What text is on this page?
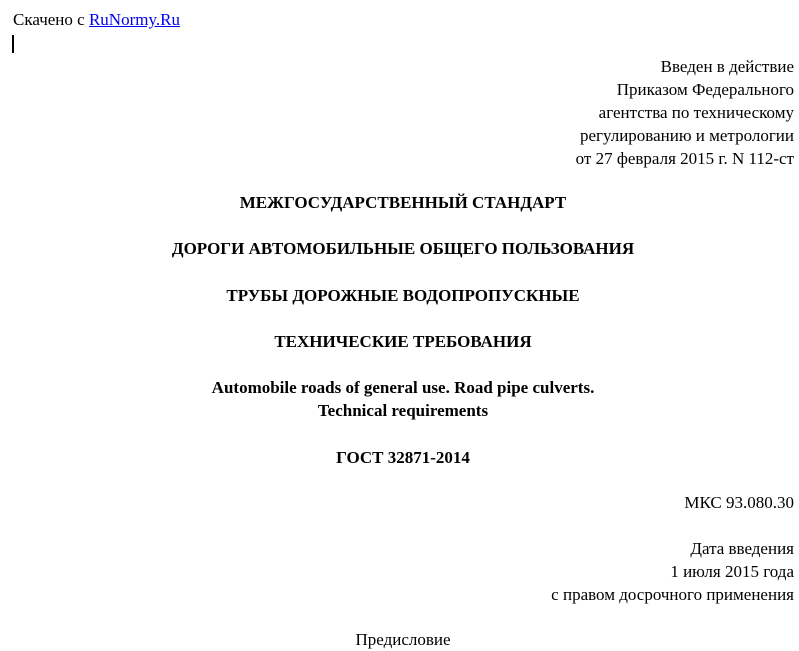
Скачено с RuNormy.Ru
Введен в действие
Приказом Федерального
агентства по техническому
регулированию и метрологии
от 27 февраля 2015 г. N 112-ст
МЕЖГОСУДАРСТВЕННЫЙ СТАНДАРТ
ДОРОГИ АВТОМОБИЛЬНЫЕ ОБЩЕГО ПОЛЬЗОВАНИЯ
ТРУБЫ ДОРОЖНЫЕ ВОДОПРОПУСКНЫЕ
ТЕХНИЧЕСКИЕ ТРЕБОВАНИЯ
Automobile roads of general use. Road pipe culverts.
Technical requirements
ГОСТ 32871-2014
МКС 93.080.30
Дата введения
1 июля 2015 года
с правом досрочного применения
Предисловие
